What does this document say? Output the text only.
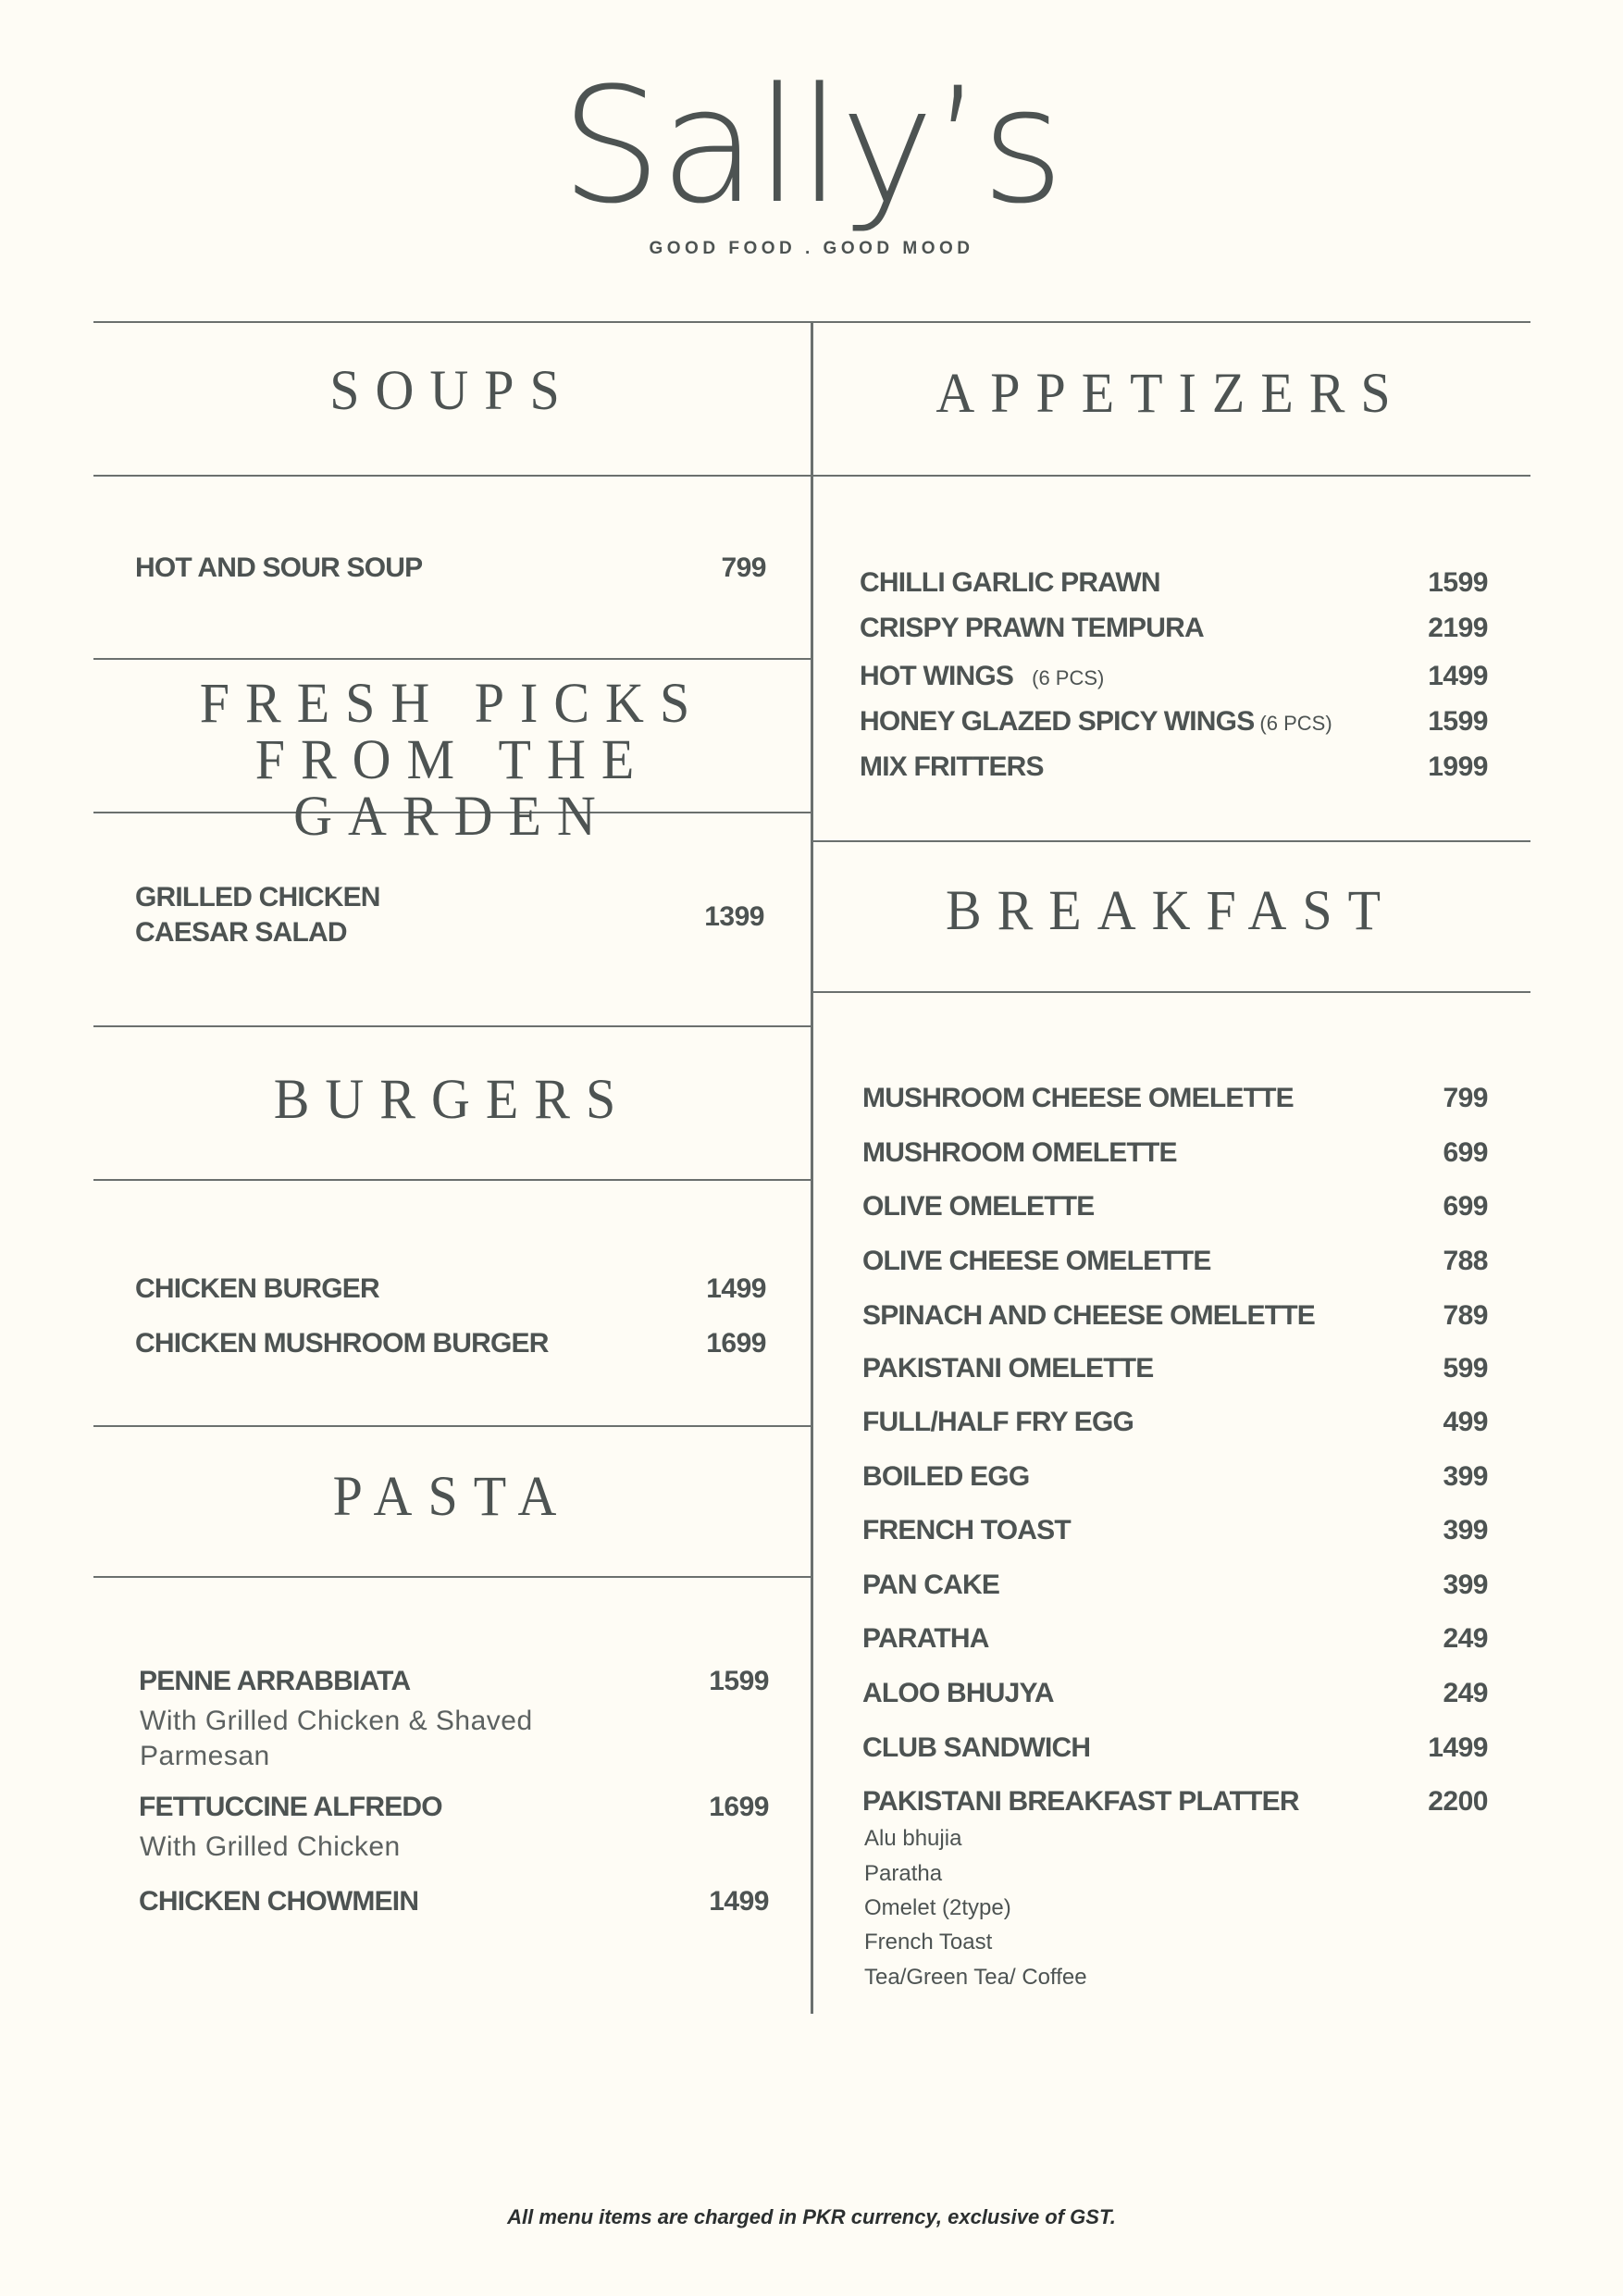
Sally’s
GOOD FOOD . GOOD MOOD
SOUPS
HOT AND SOUR SOUP	799
FRESH PICKS
FROM THE GARDEN
GRILLED CHICKEN
CAESAR SALAD
1399
BURGERS
CHICKEN BURGER	1499
CHICKEN MUSHROOM BURGER	1699
PASTA
PENNE ARRABBIATA	1599
With Grilled Chicken & Shaved
Parmesan
FETTUCCINE ALFREDO	1699
With Grilled Chicken
CHICKEN CHOWMEIN	1499
APPETIZERS
CHILLI GARLIC PRAWN	1599
CRISPY PRAWN TEMPURA	2199
HOT WINGS (6 PCS)	1499
HONEY GLAZED SPICY WINGS (6 PCS)	1599
MIX FRITTERS	1999
BREAKFAST
MUSHROOM CHEESE OMELETTE	799
MUSHROOM OMELETTE	699
OLIVE OMELETTE	699
OLIVE CHEESE OMELETTE	788
SPINACH AND CHEESE OMELETTE	789
PAKISTANI OMELETTE	599
FULL/HALF FRY EGG	499
BOILED EGG	399
FRENCH TOAST	399
PAN CAKE	399
PARATHA	249
ALOO BHUJYA	249
CLUB SANDWICH	1499
PAKISTANI BREAKFAST PLATTER	2200
Alu bhujia
Paratha
Omelet (2type)
French Toast
Tea/Green Tea/ Coffee
All menu items are charged in PKR currency, exclusive of GST.
